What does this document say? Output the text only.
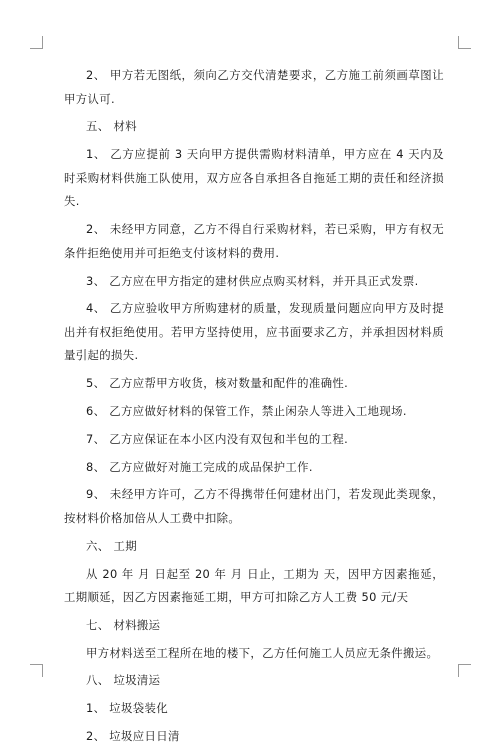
2、 甲方若无图纸，须向乙方交代清楚要求，乙方施工前须画草图让甲方认可.

五、 材料

1、 乙方应提前 3 天向甲方提供需购材料清单，甲方应在 4 天内及时采购材料供施工队使用，双方应各自承担各自拖延工期的责任和经济损失.

2、 未经甲方同意，乙方不得自行采购材料，若已采购，甲方有权无条件拒绝使用并可拒绝支付该材料的费用.

3、 乙方应在甲方指定的建材供应点购买材料，并开具正式发票.

4、 乙方应验收甲方所购建材的质量，发现质量问题应向甲方及时提出并有权拒绝使用。若甲方坚持使用，应书面要求乙方，并承担因材料质量引起的损失.

5、 乙方应帮甲方收货，核对数量和配件的准确性.

6、 乙方应做好材料的保管工作，禁止闲杂人等进入工地现场.

7、 乙方应保证在本小区内没有双包和半包的工程.

8、 乙方应做好对施工完成的成品保护工作.

9、 未经甲方许可，乙方不得携带任何建材出门，若发现此类现象，按材料价格加倍从人工费中扣除。

六、 工期

从 20 年 月 日起至 20 年 月 日止，工期为 天，因甲方因素拖延，工期顺延，因乙方因素拖延工期，甲方可扣除乙方人工费 50 元/天

七、 材料搬运

甲方材料送至工程所在地的楼下，乙方任何施工人员应无条件搬运。

八、 垃圾清运

1、 垃圾袋装化

2、 垃圾应日日清
